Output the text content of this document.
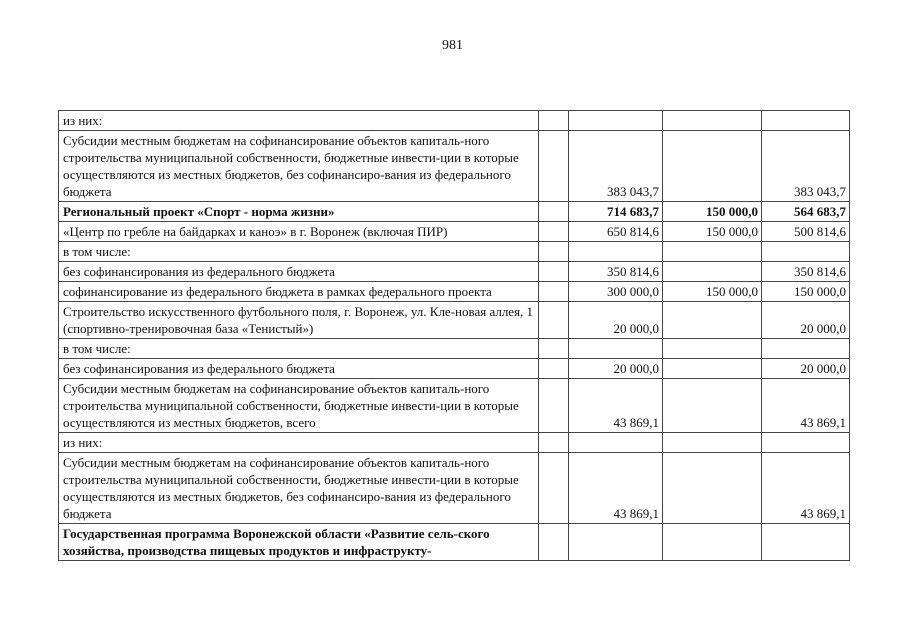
981
из них:				
Субсидии местным бюджетам на софинансирование объектов капиталь-ного строительства муниципальной собственности, бюджетные инвести-ции в которые осуществляются из местных бюджетов, без софинансиро-вания из федерального бюджета		383 043,7		383 043,7
Региональный проект «Спорт - норма жизни»		714 683,7	150 000,0	564 683,7
«Центр по гребле на байдарках и каноэ» в г. Воронеж (включая ПИР)		650 814,6	150 000,0	500 814,6
в том числе:				
без софинансирования из федерального бюджета		350 814,6		350 814,6
софинансирование из федерального бюджета в рамках федерального проекта		300 000,0	150 000,0	150 000,0
Строительство искусственного футбольного поля, г. Воронеж, ул. Кле-новая аллея, 1 (спортивно-тренировочная база «Тенистый»)		20 000,0		20 000,0
в том числе:				
без софинансирования из федерального бюджета		20 000,0		20 000,0
Субсидии местным бюджетам на софинансирование объектов капиталь-ного строительства муниципальной собственности, бюджетные инвести-ции в которые осуществляются из местных бюджетов, всего		43 869,1		43 869,1
из них:				
Субсидии местным бюджетам на софинансирование объектов капиталь-ного строительства муниципальной собственности, бюджетные инвести-ции в которые осуществляются из местных бюджетов, без софинансиро-вания из федерального бюджета		43 869,1		43 869,1
Государственная программа Воронежской области «Развитие сель-ского хозяйства, производства пищевых продуктов и инфраструкту-				
